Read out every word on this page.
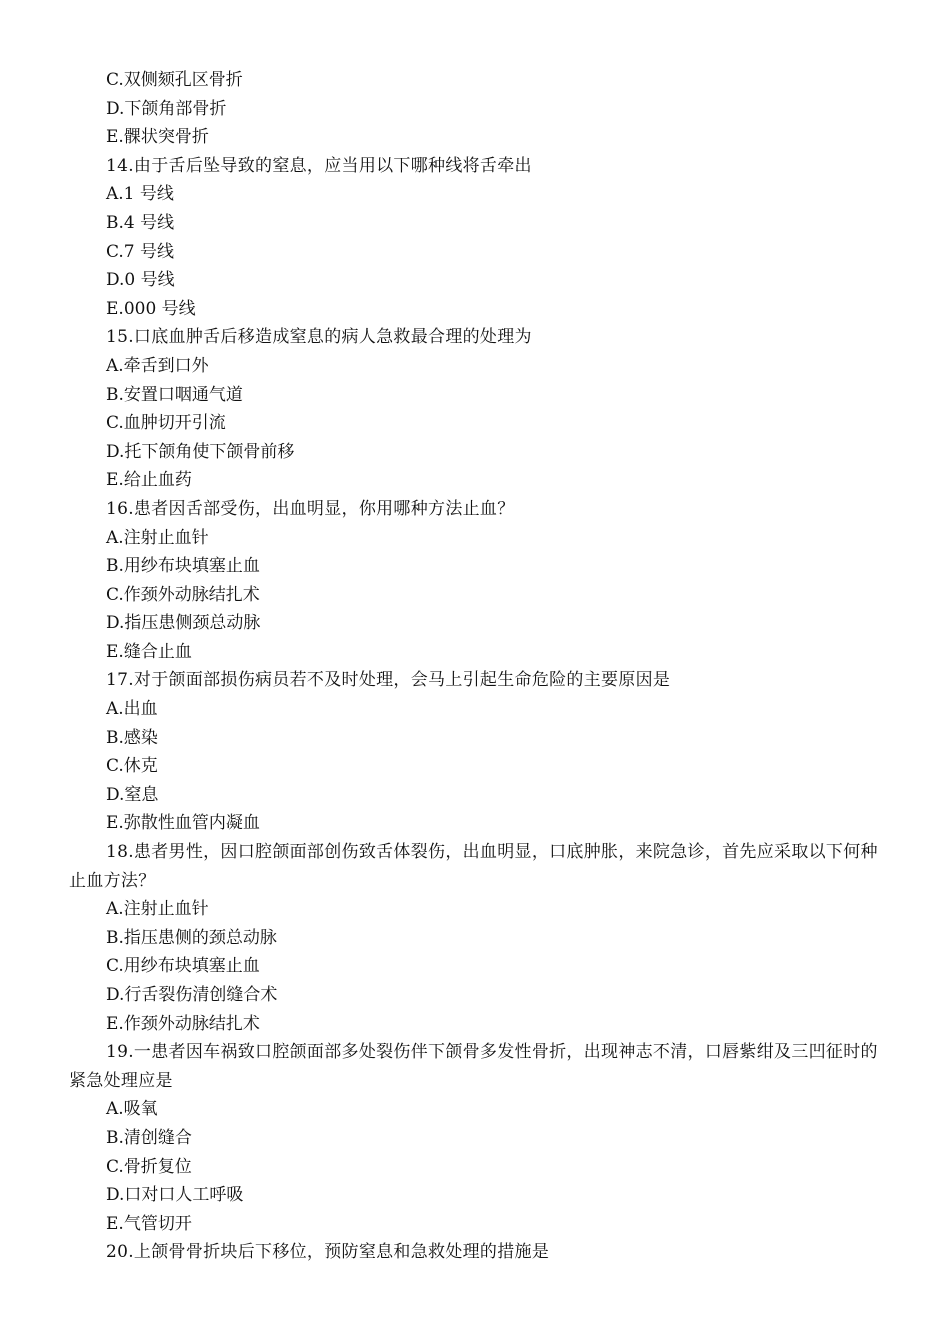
C.双侧颏孔区骨折
D.下颌角部骨折
E.髁状突骨折
14.由于舌后坠导致的窒息，应当用以下哪种线将舌牵出
A.1 号线
B.4 号线
C.7 号线
D.0 号线
E.000 号线
15.口底血肿舌后移造成窒息的病人急救最合理的处理为
A.牵舌到口外
B.安置口咽通气道
C.血肿切开引流
D.托下颌角使下颌骨前移
E.给止血药
16.患者因舌部受伤，出血明显，你用哪种方法止血？
A.注射止血针
B.用纱布块填塞止血
C.作颈外动脉结扎术
D.指压患侧颈总动脉
E.缝合止血
17.对于颌面部损伤病员若不及时处理，会马上引起生命危险的主要原因是
A.出血
B.感染
C.休克
D.窒息
E.弥散性血管内凝血
18.患者男性，因口腔颌面部创伤致舌体裂伤，出血明显，口底肿胀，来院急诊，首先应采取以下何种止血方法？
A.注射止血针
B.指压患侧的颈总动脉
C.用纱布块填塞止血
D.行舌裂伤清创缝合术
E.作颈外动脉结扎术
19.一患者因车祸致口腔颌面部多处裂伤伴下颌骨多发性骨折，出现神志不清，口唇紫绀及三凹征时的紧急处理应是
A.吸氧
B.清创缝合
C.骨折复位
D.口对口人工呼吸
E.气管切开
20.上颌骨骨折块后下移位，预防窒息和急救处理的措施是
